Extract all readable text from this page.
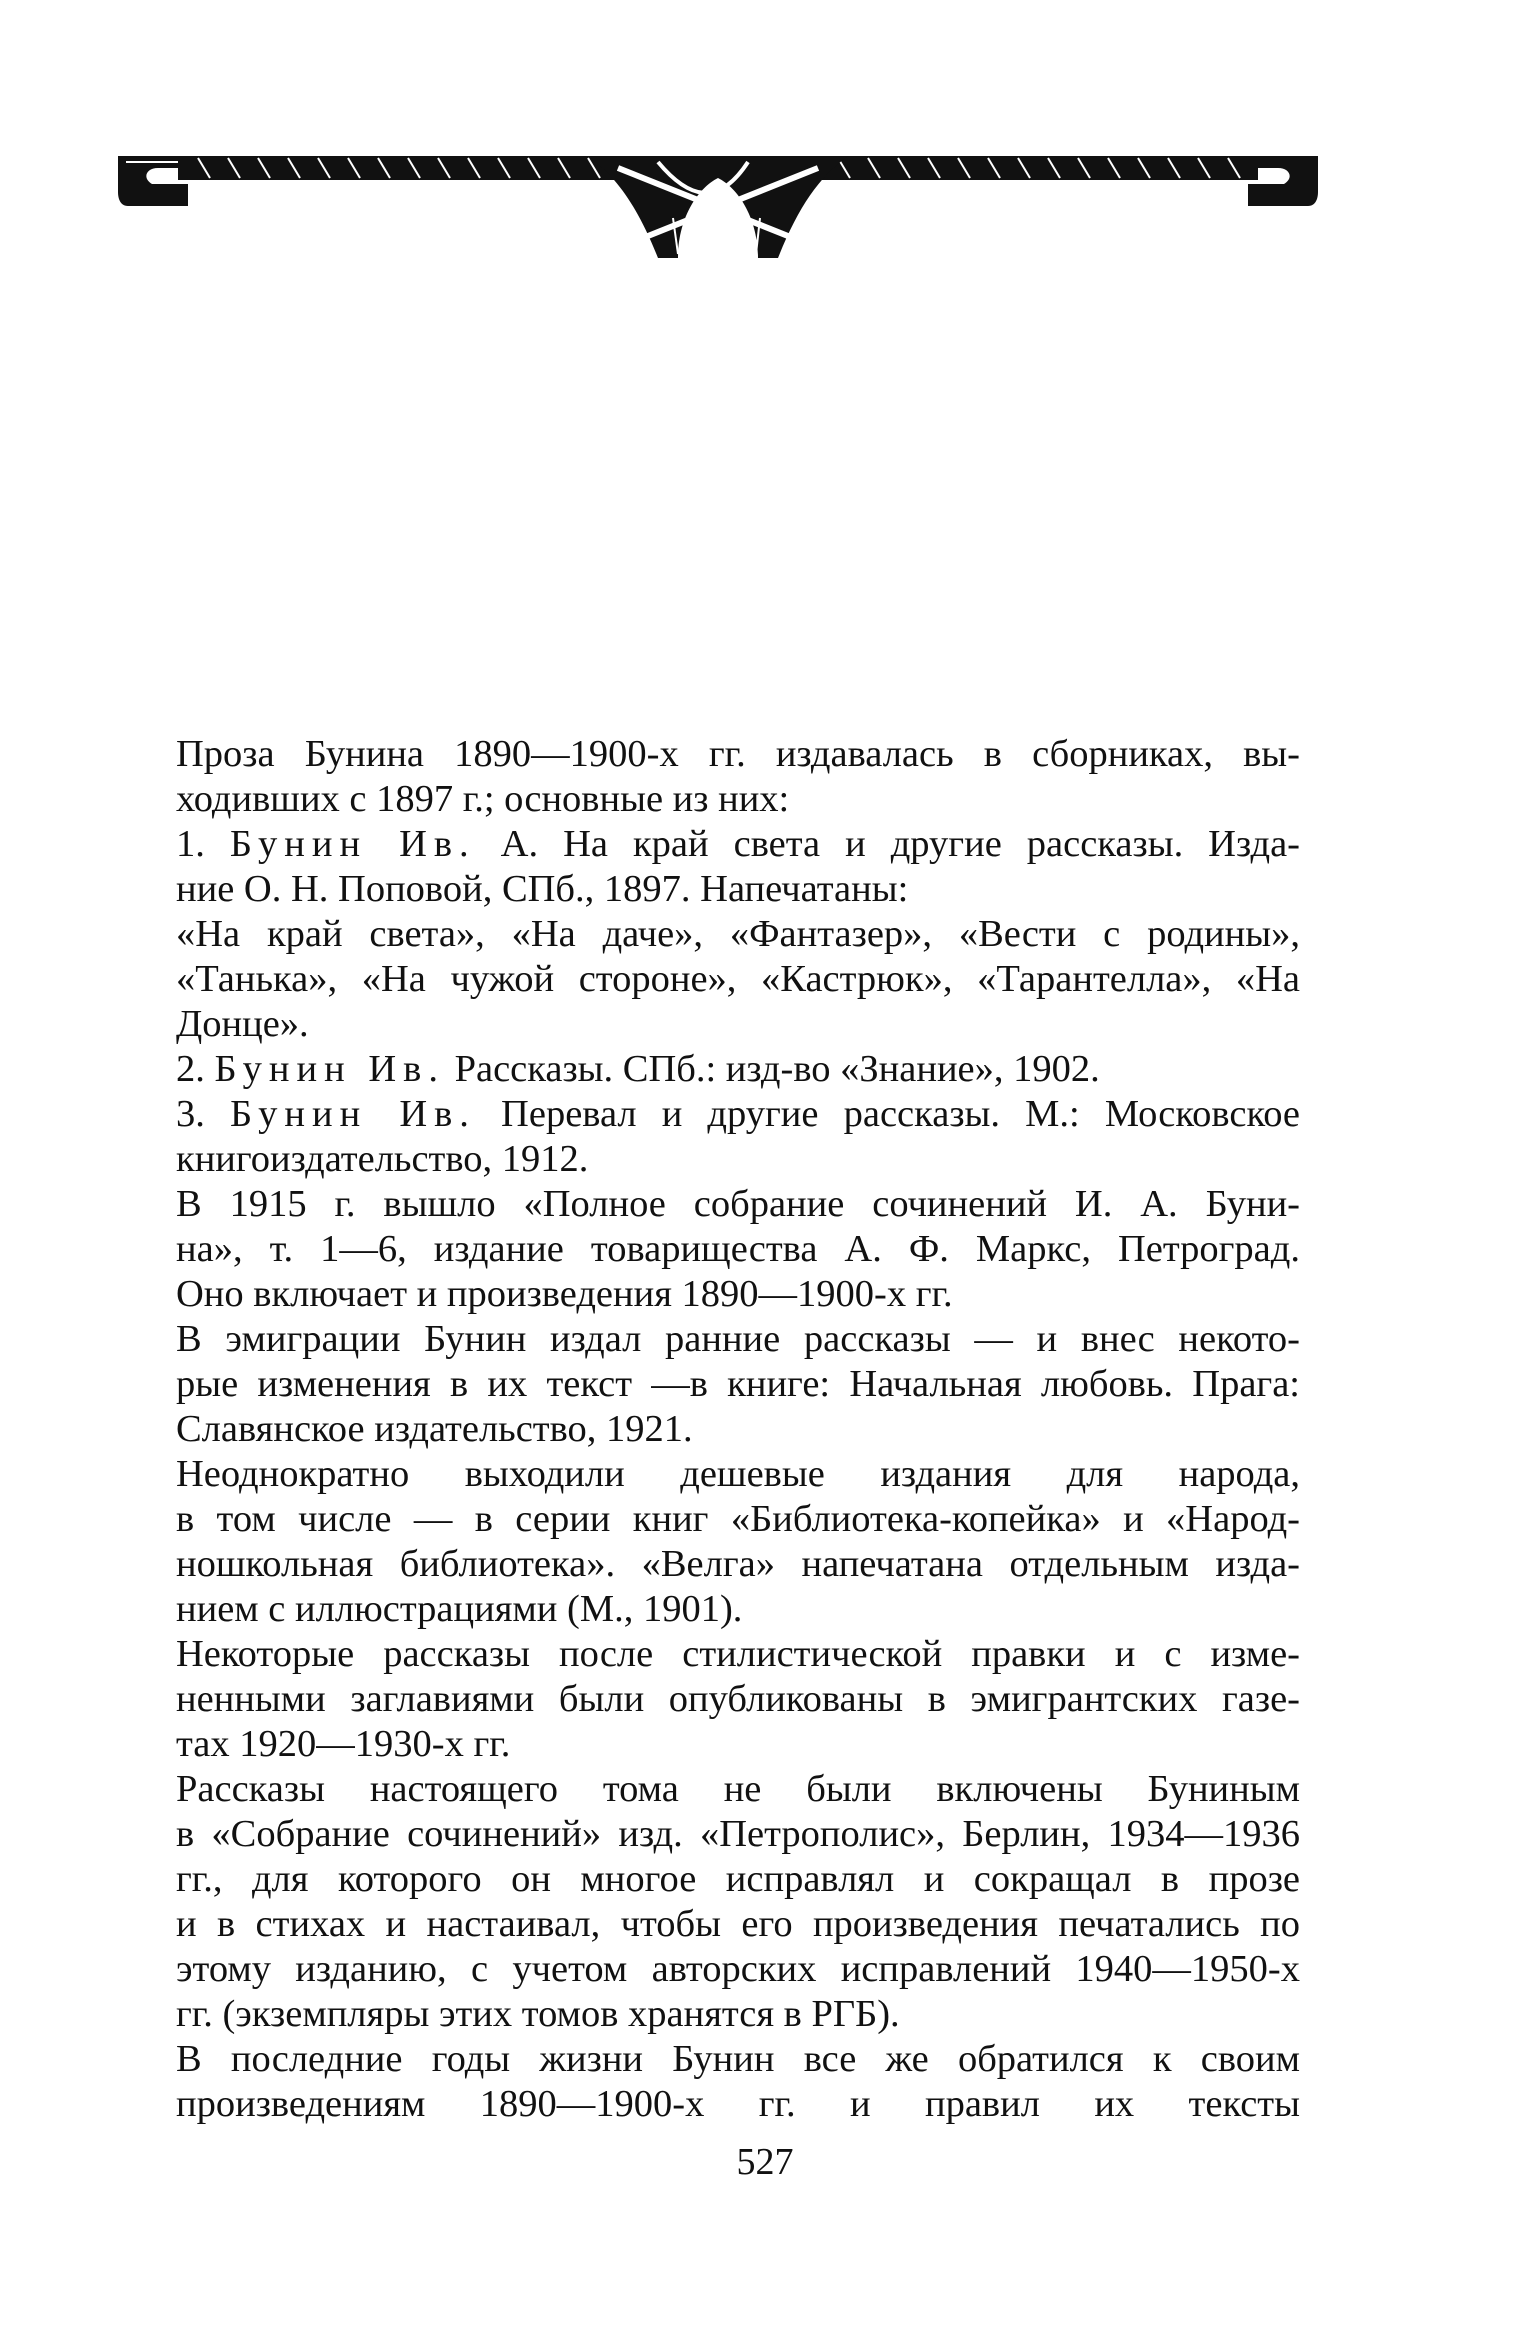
Проза Бунина 1890—1900-х гг. издавалась в сборниках, вы-
ходивших с 1897 г.; основные из них:
1. Бунин Ив. А. На край света и другие рассказы. Изда-
ние О. Н. Поповой, СПб., 1897. Напечатаны:
«На край света», «На даче», «Фантазер», «Вести с родины»,
«Танька», «На чужой стороне», «Кастрюк», «Тарантелла», «На
Донце».
2. Бунин Ив. Рассказы. СПб.: изд-во «Знание», 1902.
3. Бунин Ив. Перевал и другие рассказы. М.: Московское
книгоиздательство, 1912.
В 1915 г. вышло «Полное собрание сочинений И. А. Буни-
на», т. 1—6, издание товарищества А. Ф. Маркс, Петроград.
Оно включает и произведения 1890—1900-х гг.
В эмиграции Бунин издал ранние рассказы — и внес некото-
рые изменения в их текст —в книге: Начальная любовь. Прага:
Славянское издательство, 1921.
Неоднократно выходили дешевые издания для народа,
в том числе — в серии книг «Библиотека-копейка» и «Народ-
ношкольная библиотека». «Велга» напечатана отдельным изда-
нием с иллюстрациями (М., 1901).
Некоторые рассказы после стилистической правки и с изме-
ненными заглавиями были опубликованы в эмигрантских газе-
тах 1920—1930-х гг.
Рассказы настоящего тома не были включены Буниным
в «Собрание сочинений» изд. «Петрополис», Берлин, 1934—1936
гг., для которого он многое исправлял и сокращал в прозе
и в стихах и настаивал, чтобы его произведения печатались по
этому изданию, с учетом авторских исправлений 1940—1950-х
гг. (экземпляры этих томов хранятся в РГБ).
В последние годы жизни Бунин все же обратился к своим
произведениям 1890—1900-х гг. и правил их тексты
527
